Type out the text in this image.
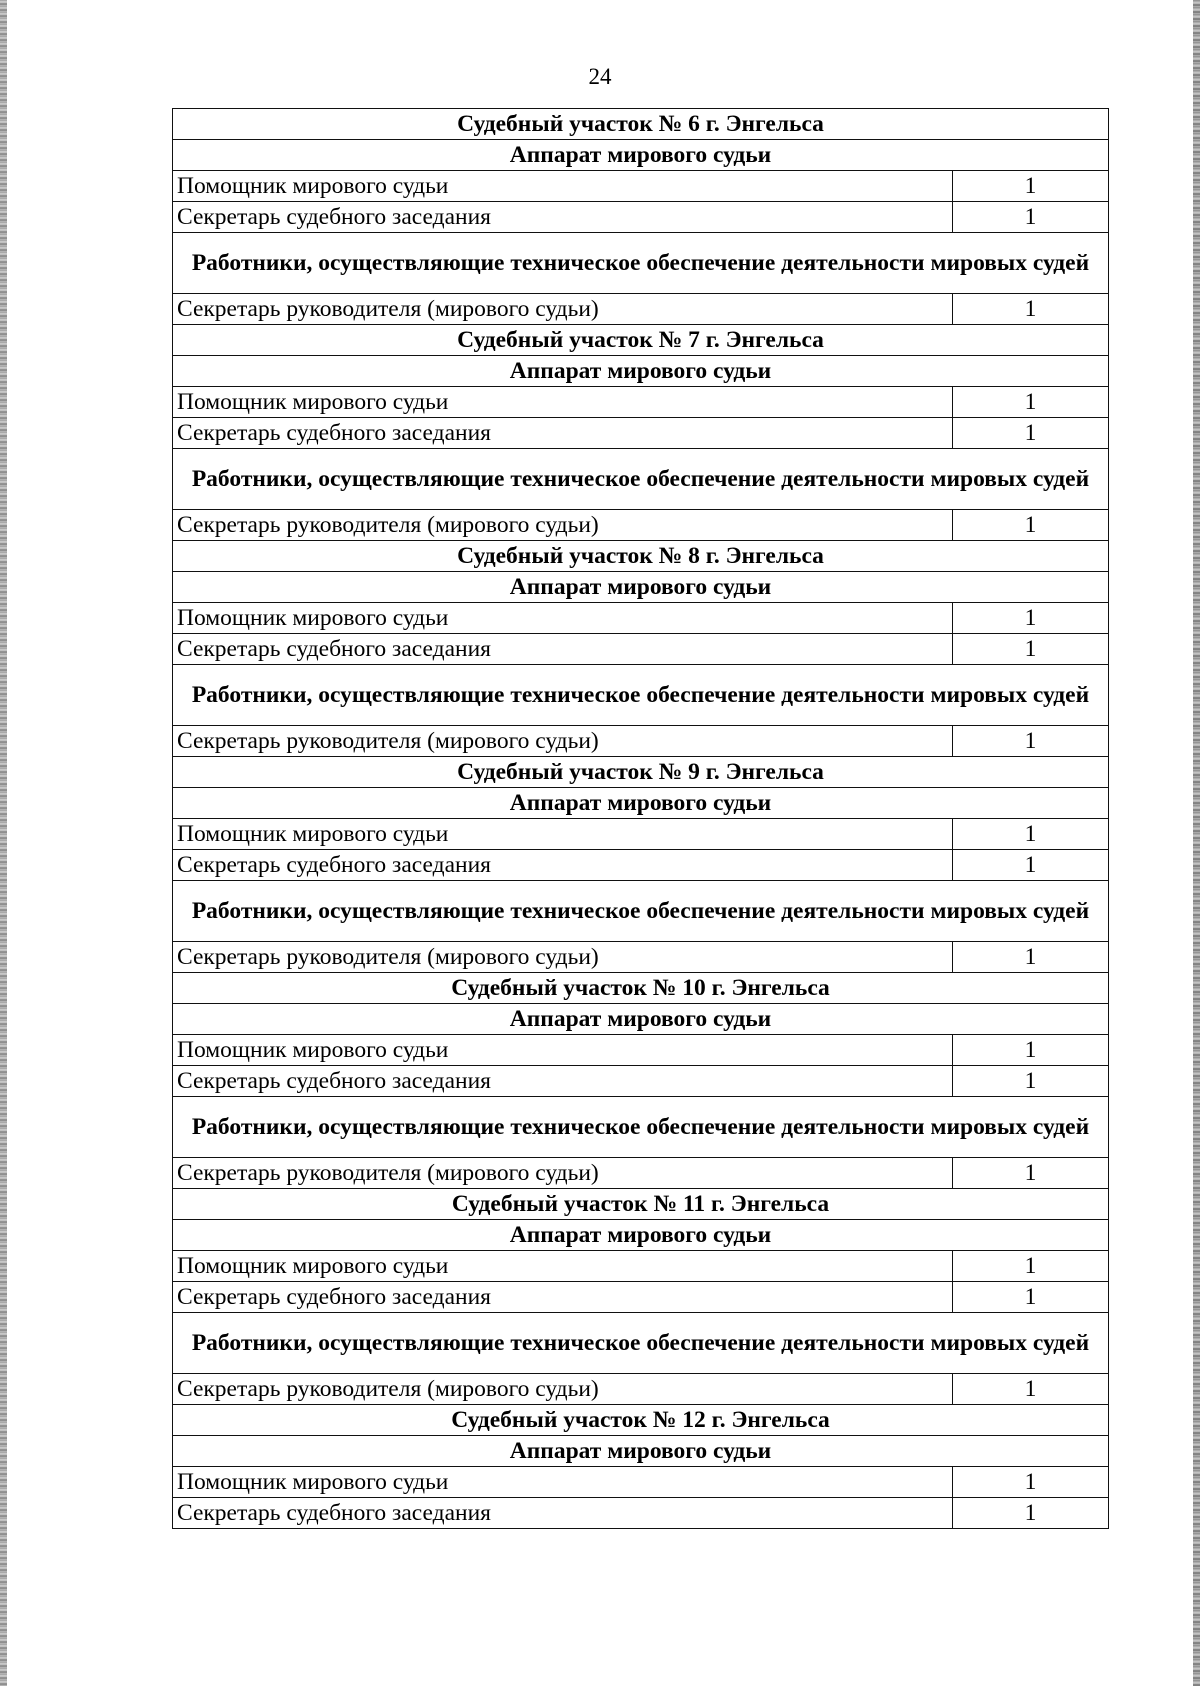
24
Судебный участок № 6 г. Энгельса	
Аппарат мирового судьи	
Помощник мирового судьи	1
Секретарь судебного заседания	1
Работники, осуществляющие техническое обеспечение деятельности мировых судей	
Секретарь руководителя (мирового судьи)	1
Судебный участок № 7 г. Энгельса	
Аппарат мирового судьи	
Помощник мирового судьи	1
Секретарь судебного заседания	1
Работники, осуществляющие техническое обеспечение деятельности мировых судей	
Секретарь руководителя (мирового судьи)	1
Судебный участок № 8 г. Энгельса	
Аппарат мирового судьи	
Помощник мирового судьи	1
Секретарь судебного заседания	1
Работники, осуществляющие техническое обеспечение деятельности мировых судей	
Секретарь руководителя (мирового судьи)	1
Судебный участок № 9 г. Энгельса	
Аппарат мирового судьи	
Помощник мирового судьи	1
Секретарь судебного заседания	1
Работники, осуществляющие техническое обеспечение деятельности мировых судей	
Секретарь руководителя (мирового судьи)	1
Судебный участок № 10 г. Энгельса	
Аппарат мирового судьи	
Помощник мирового судьи	1
Секретарь судебного заседания	1
Работники, осуществляющие техническое обеспечение деятельности мировых судей	
Секретарь руководителя (мирового судьи)	1
Судебный участок № 11 г. Энгельса	
Аппарат мирового судьи	
Помощник мирового судьи	1
Секретарь судебного заседания	1
Работники, осуществляющие техническое обеспечение деятельности мировых судей	
Секретарь руководителя (мирового судьи)	1
Судебный участок № 12 г. Энгельса	
Аппарат мирового судьи	
Помощник мирового судьи	1
Секретарь судебного заседания	1
